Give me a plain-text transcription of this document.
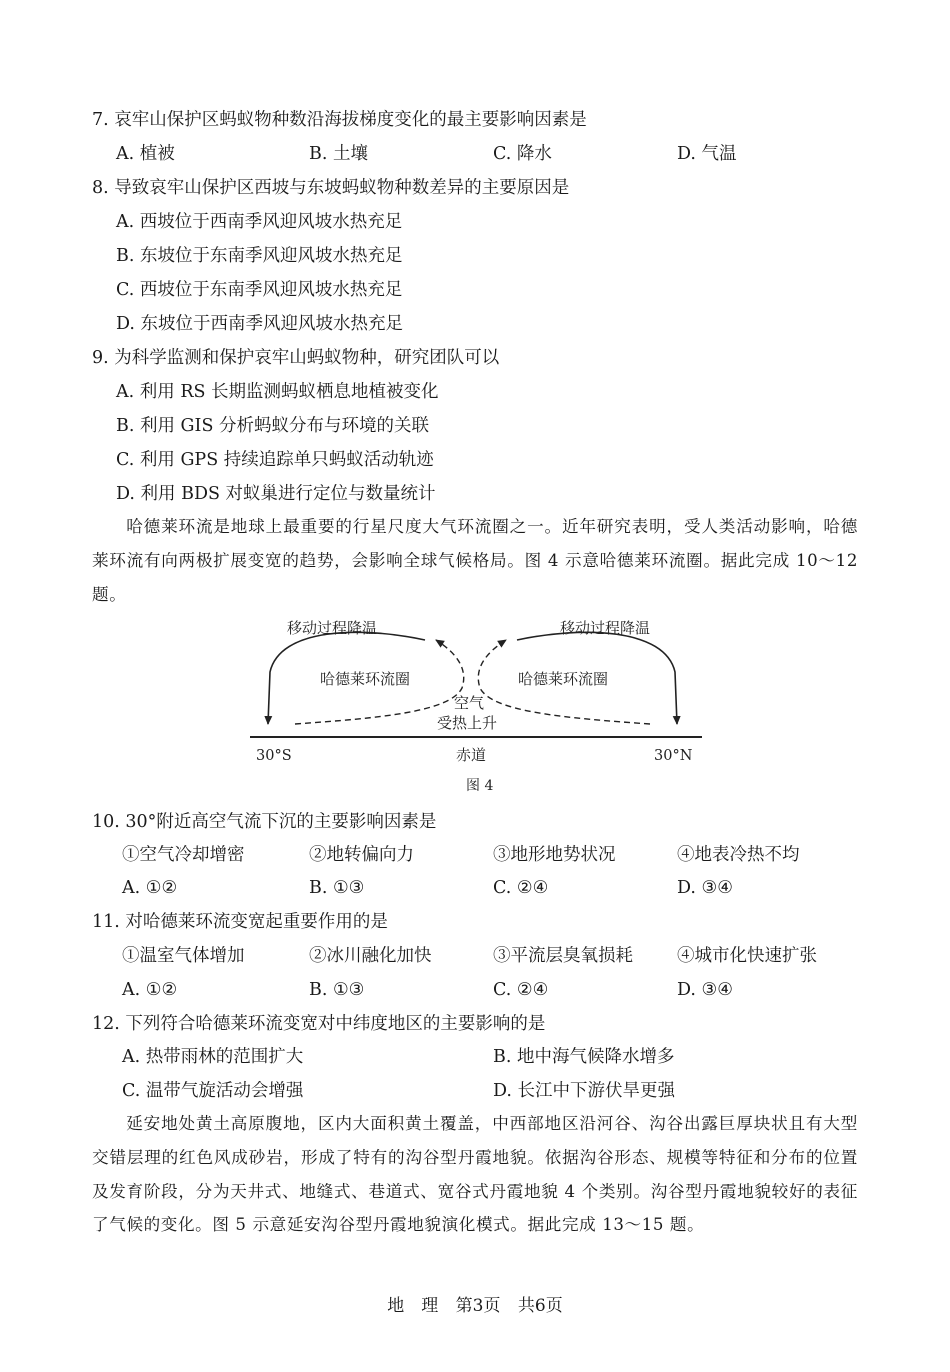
7. 哀牢山保护区蚂蚁物种数沿海拔梯度变化的最主要影响因素是
A. 植被	B. 土壤	C. 降水	D. 气温
8. 导致哀牢山保护区西坡与东坡蚂蚁物种数差异的主要原因是
A. 西坡位于西南季风迎风坡水热充足
B. 东坡位于东南季风迎风坡水热充足
C. 西坡位于东南季风迎风坡水热充足
D. 东坡位于西南季风迎风坡水热充足
9. 为科学监测和保护哀牢山蚂蚁物种，研究团队可以
A. 利用 RS 长期监测蚂蚁栖息地植被变化
B. 利用 GIS 分析蚂蚁分布与环境的关联
C. 利用 GPS 持续追踪单只蚂蚁活动轨迹
D. 利用 BDS 对蚁巢进行定位与数量统计
哈德莱环流是地球上最重要的行星尺度大气环流圈之一。近年研究表明，受人类活动影响，哈德莱环流有向两极扩展变宽的趋势，会影响全球气候格局。图 4 示意哈德莱环流圈。据此完成 10～12 题。
移动过程降温	移动过程降温
哈德莱环流圈	哈德莱环流圈
空气
受热上升
30°S	赤道	30°N
图 4
10. 30°附近高空气流下沉的主要影响因素是
①空气冷却增密	②地转偏向力	③地形地势状况	④地表冷热不均
A. ①②	B. ①③	C. ②④	D. ③④
11. 对哈德莱环流变宽起重要作用的是
①温室气体增加	②冰川融化加快	③平流层臭氧损耗	④城市化快速扩张
A. ①②	B. ①③	C. ②④	D. ③④
12. 下列符合哈德莱环流变宽对中纬度地区的主要影响的是
A. 热带雨林的范围扩大	B. 地中海气候降水增多
C. 温带气旋活动会增强	D. 长江中下游伏旱更强
延安地处黄土高原腹地，区内大面积黄土覆盖，中西部地区沿河谷、沟谷出露巨厚块状且有大型交错层理的红色风成砂岩，形成了特有的沟谷型丹霞地貌。依据沟谷形态、规模等特征和分布的位置及发育阶段，分为天井式、地缝式、巷道式、宽谷式丹霞地貌 4 个类别。沟谷型丹霞地貌较好的表征了气候的变化。图 5 示意延安沟谷型丹霞地貌演化模式。据此完成 13～15 题。
地　理 第3页 共6页
